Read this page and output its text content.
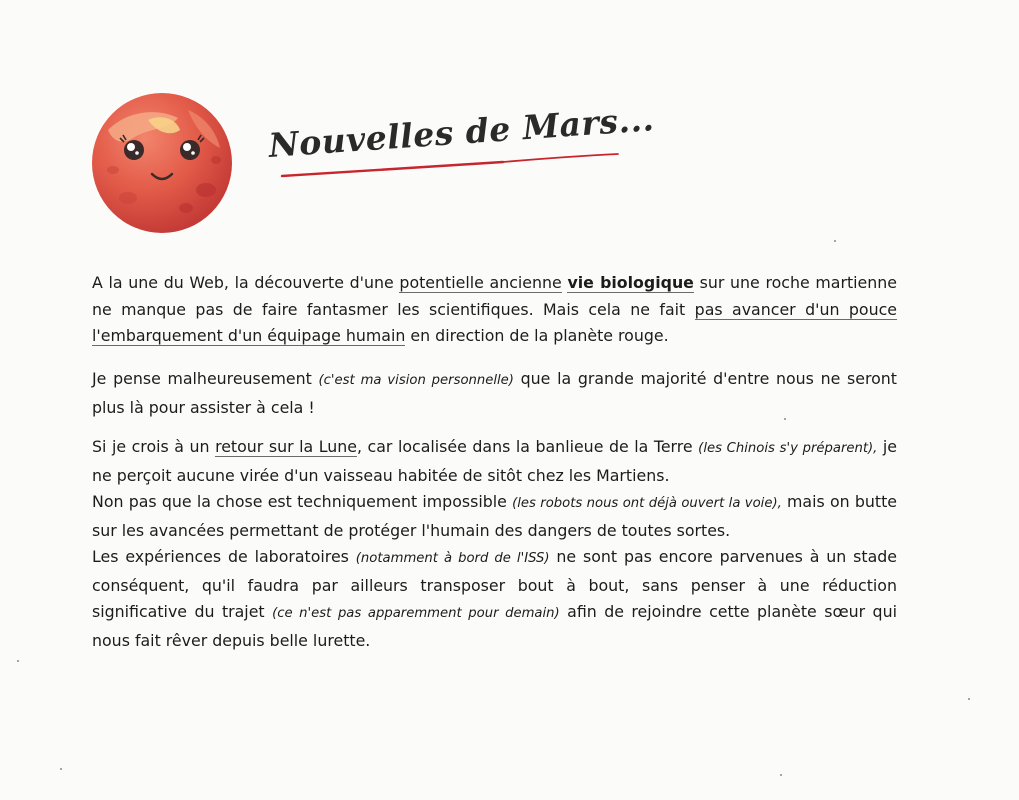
Nouvelles de Mars...

A la une du Web, la découverte d'une potentielle ancienne vie biologique sur une roche martienne ne manque pas de faire fantasmer les scientifiques. Mais cela ne fait pas avancer d'un pouce l'embarquement d'un équipage humain en direction de la planète rouge.

Je pense malheureusement (c'est ma vision personnelle) que la grande majorité d'entre nous ne seront plus là pour assister à cela !

Si je crois à un retour sur la Lune, car localisée dans la banlieue de la Terre (les Chinois s'y préparent), je ne perçoit aucune virée d'un vaisseau habitée de sitôt chez les Martiens.

Non pas que la chose est techniquement impossible (les robots nous ont déjà ouvert la voie), mais on butte sur les avancées permettant de protéger l'humain des dangers de toutes sortes.

Les expériences de laboratoires (notamment à bord de l'ISS) ne sont pas encore parvenues à un stade conséquent, qu'il faudra par ailleurs transposer bout à bout, sans penser à une réduction significative du trajet (ce n'est pas apparemment pour demain) afin de rejoindre cette planète sœur qui nous fait rêver depuis belle lurette.
